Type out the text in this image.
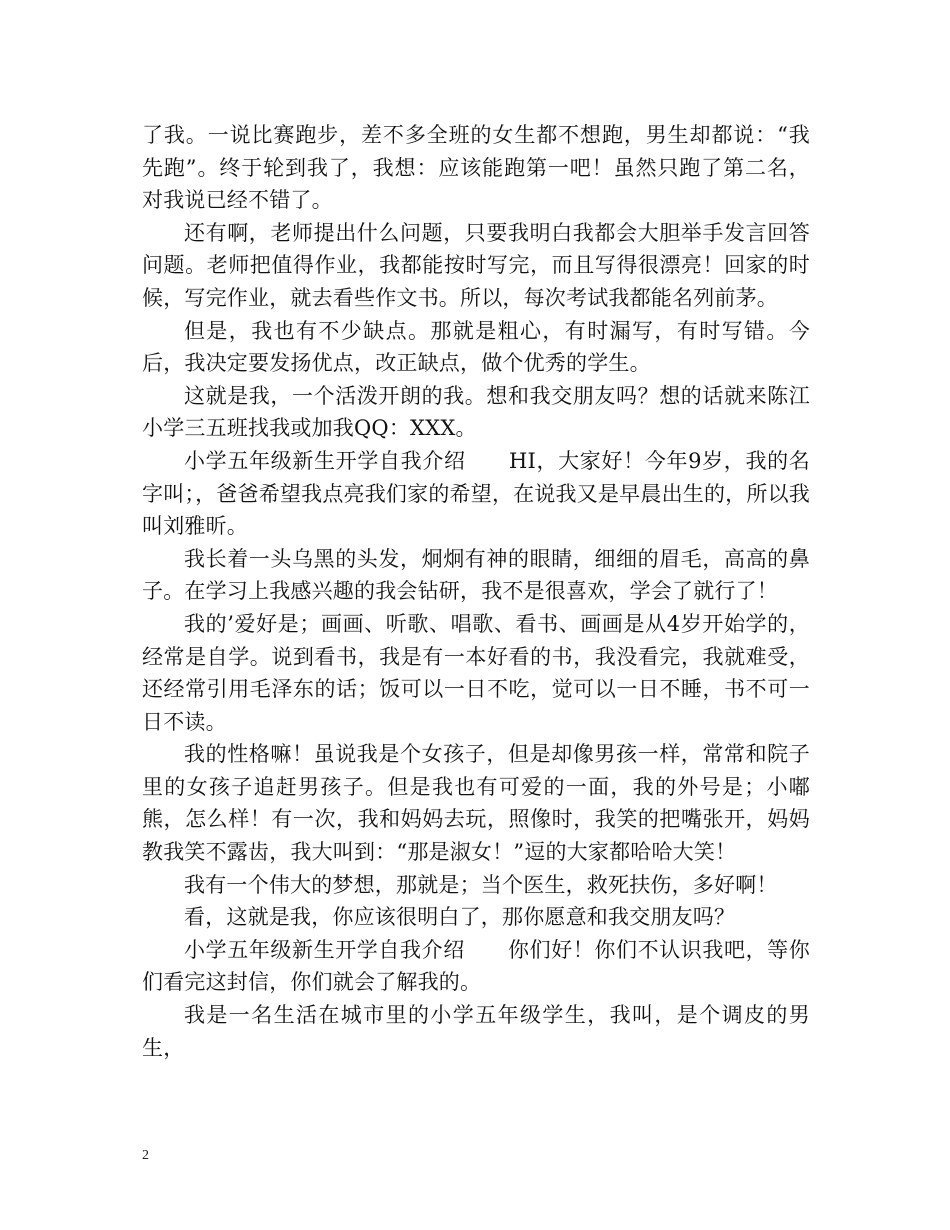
了我。一说比赛跑步，差不多全班的女生都不想跑，男生却都说：“我先跑”。终于轮到我了，我想：应该能跑第一吧！虽然只跑了第二名，对我说已经不错了。

还有啊，老师提出什么问题，只要我明白我都会大胆举手发言回答问题。老师把值得作业，我都能按时写完，而且写得很漂亮！回家的时候，写完作业，就去看些作文书。所以，每次考试我都能名列前茅。

但是，我也有不少缺点。那就是粗心，有时漏写，有时写错。今后，我决定要发扬优点，改正缺点，做个优秀的学生。

这就是我，一个活泼开朗的我。想和我交朋友吗？想的话就来陈江小学三五班找我或加我QQ：XXX。

小学五年级新生开学自我介绍　　HI，大家好！今年9岁，我的名字叫；，爸爸希望我点亮我们家的希望，在说我又是早晨出生的，所以我叫刘雅昕。

我长着一头乌黑的头发，炯炯有神的眼睛，细细的眉毛，高高的鼻子。在学习上我感兴趣的我会钻研，我不是很喜欢，学会了就行了！

我的’爱好是；画画、听歌、唱歌、看书、画画是从4岁开始学的，经常是自学。说到看书，我是有一本好看的书，我没看完，我就难受，还经常引用毛泽东的话；饭可以一日不吃，觉可以一日不睡，书不可一日不读。

我的性格嘛！虽说我是个女孩子，但是却像男孩一样，常常和院子里的女孩子追赶男孩子。但是我也有可爱的一面，我的外号是；小嘟熊，怎么样！有一次，我和妈妈去玩，照像时，我笑的把嘴张开，妈妈教我笑不露齿，我大叫到：“那是淑女！”逗的大家都哈哈大笑！

我有一个伟大的梦想，那就是；当个医生，救死扶伤，多好啊！

看，这就是我，你应该很明白了，那你愿意和我交朋友吗？

小学五年级新生开学自我介绍　　你们好！你们不认识我吧，等你们看完这封信，你们就会了解我的。

我是一名生活在城市里的小学五年级学生，我叫，是个调皮的男生，

2
